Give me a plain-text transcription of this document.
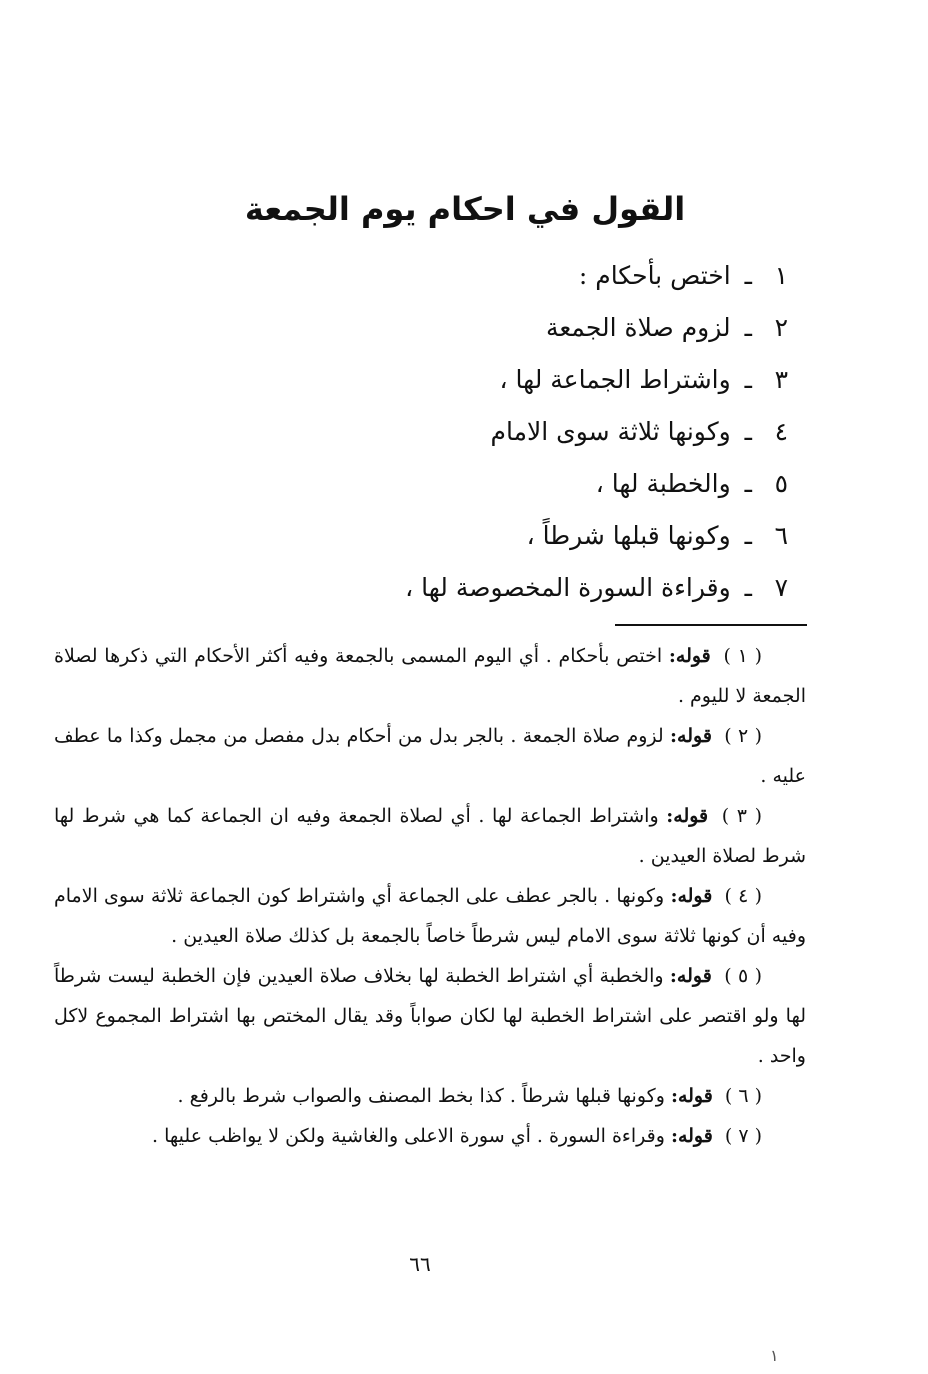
القول في احكام يوم الجمعة
١
ـ
اختص بأحكام :
٢
ـ
لزوم صلاة الجمعة
٣
ـ
واشتراط الجماعة لها ،
٤
ـ
وكونها ثلاثة سوى الامام
٥
ـ
والخطبة لها ،
٦
ـ
وكونها قبلها شرطاً ،
٧
ـ
وقراءة السورة المخصوصة لها ،

( ١ ) قوله: اختص بأحكام . أي اليوم المسمى بالجمعة وفيه أكثر الأحكام التي ذكرها لصلاة الجمعة لا لليوم .

( ٢ ) قوله: لزوم صلاة الجمعة . بالجر بدل من أحكام بدل مفصل من مجمل وكذا ما عطف عليه .

( ٣ ) قوله: واشتراط الجماعة لها . أي لصلاة الجمعة وفيه ان الجماعة كما هي شرط لها شرط لصلاة العيدين .

( ٤ ) قوله: وكونها . بالجر عطف على الجماعة أي واشتراط كون الجماعة ثلاثة سوى الامام وفيه أن كونها ثلاثة سوى الامام ليس شرطاً خاصاً بالجمعة بل كذلك صلاة العيدين .

( ٥ ) قوله: والخطبة أي اشتراط الخطبة لها بخلاف صلاة العيدين فإن الخطبة ليست شرطاً لها ولو اقتصر على اشتراط الخطبة لها لكان صواباً وقد يقال المختص بها اشتراط المجموع لاكل واحد .

( ٦ ) قوله: وكونها قبلها شرطاً . كذا بخط المصنف والصواب شرط بالرفع .

( ٧ ) قوله: وقراءة السورة . أي سورة الاعلى والغاشية ولكن لا يواظب عليها .

٦٦
١
